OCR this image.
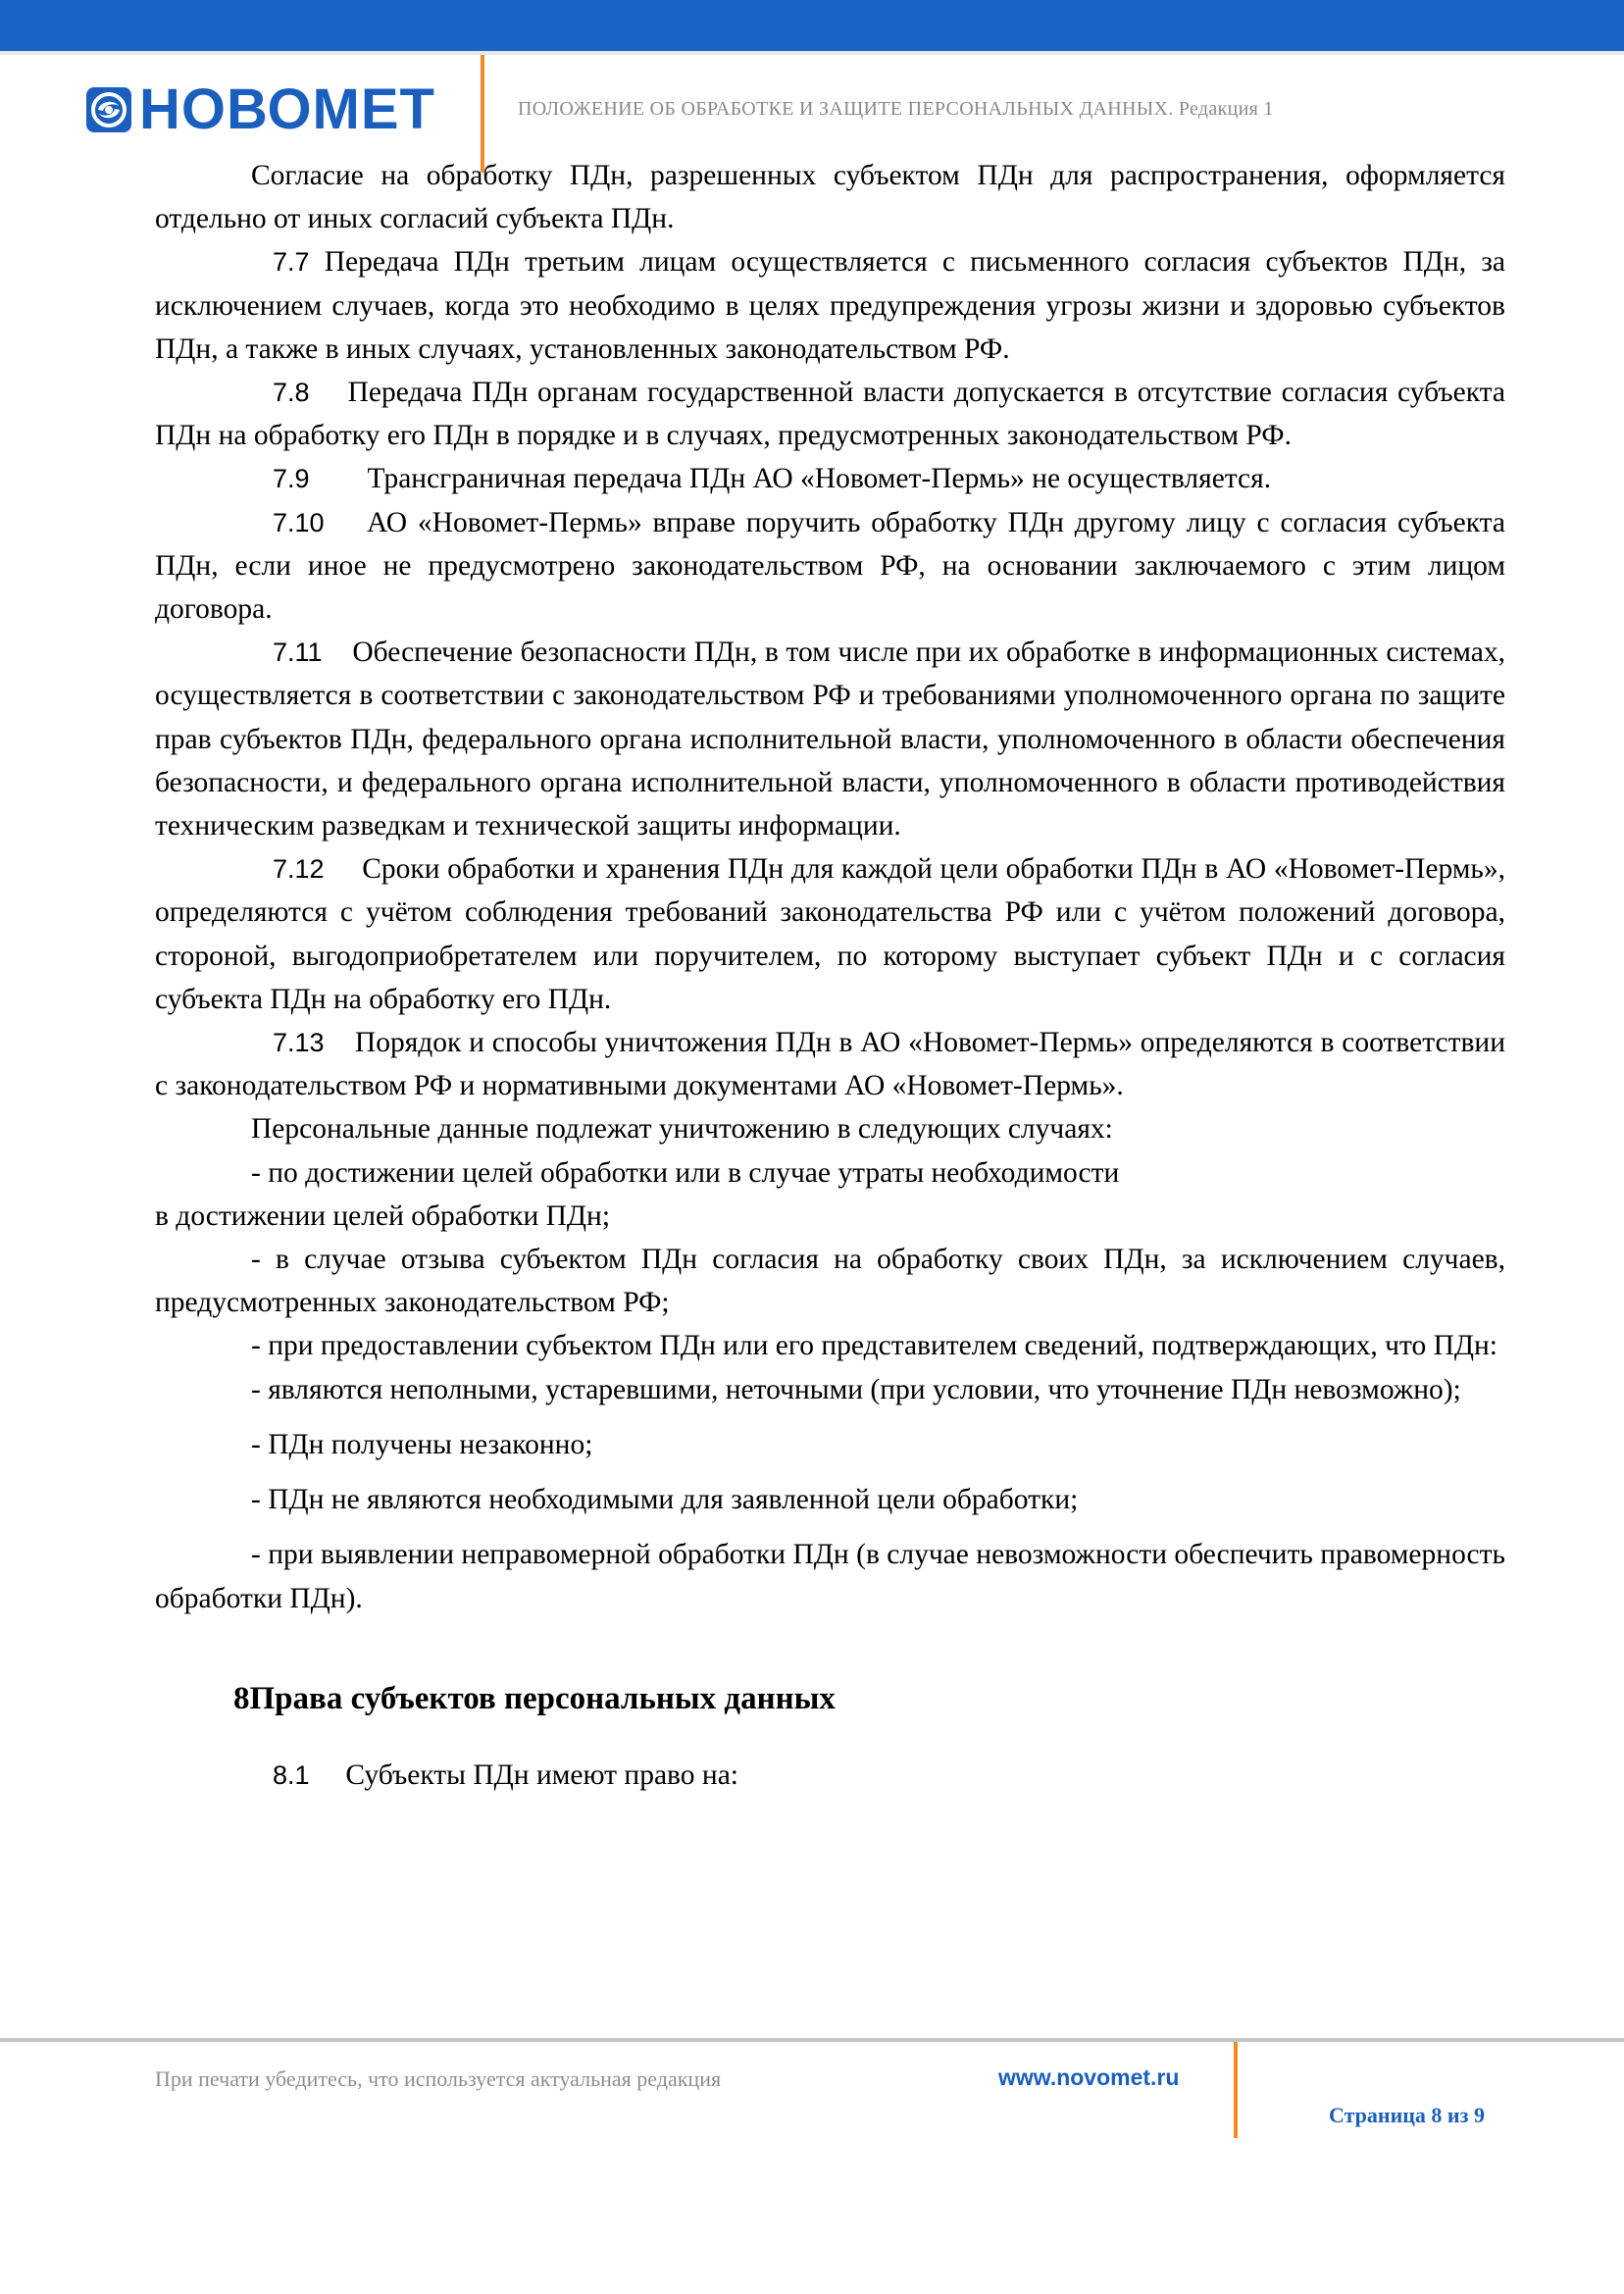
НОВОМЕТ	ПОЛОЖЕНИЕ ОБ ОБРАБОТКЕ И ЗАЩИТЕ ПЕРСОНАЛЬНЫХ ДАННЫХ. Редакция 1

Согласие на обработку ПДн, разрешенных субъектом ПДн для распространения, оформляется отдельно от иных согласий субъекта ПДн.

7.7 Передача ПДн третьим лицам осуществляется с письменного согласия субъектов ПДн, за исключением случаев, когда это необходимо в целях предупреждения угрозы жизни и здоровью субъектов ПДн, а также в иных случаях, установленных законодательством РФ.

7.8 Передача ПДн органам государственной власти допускается в отсутствие согласия субъекта ПДн на обработку его ПДн в порядке и в случаях, предусмотренных законодательством РФ.

7.9 Трансграничная передача ПДн АО «Новомет-Пермь» не осуществляется.

7.10 АО «Новомет-Пермь» вправе поручить обработку ПДн другому лицу с согласия субъекта ПДн, если иное не предусмотрено законодательством РФ, на основании заключаемого с этим лицом договора.

7.11 Обеспечение безопасности ПДн, в том числе при их обработке в информационных системах, осуществляется в соответствии с законодательством РФ и требованиями уполномоченного органа по защите прав субъектов ПДн, федерального органа исполнительной власти, уполномоченного в области обеспечения безопасности, и федерального органа исполнительной власти, уполномоченного в области противодействия техническим разведкам и технической защиты информации.

7.12 Сроки обработки и хранения ПДн для каждой цели обработки ПДн в АО «Новомет-Пермь», определяются с учётом соблюдения требований законодательства РФ или с учётом положений договора, стороной, выгодоприобретателем или поручителем, по которому выступает субъект ПДн и с согласия субъекта ПДн на обработку его ПДн.

7.13 Порядок и способы уничтожения ПДн в АО «Новомет-Пермь» определяются в соответствии с законодательством РФ и нормативными документами АО «Новомет-Пермь».

Персональные данные подлежат уничтожению в следующих случаях:

- по достижении целей обработки или в случае утраты необходимости

в достижении целей обработки ПДн;

- в случае отзыва субъектом ПДн согласия на обработку своих ПДн, за исключением случаев, предусмотренных законодательством РФ;

- при предоставлении субъектом ПДн или его представителем сведений, подтверждающих, что ПДн:

- являются неполными, устаревшими, неточными (при условии, что уточнение ПДн невозможно);

- ПДн получены незаконно;

- ПДн не являются необходимыми для заявленной цели обработки;

- при выявлении неправомерной обработки ПДн (в случае невозможности обеспечить правомерность обработки ПДн).

8Права субъектов персональных данных

8.1 Субъекты ПДн имеют право на:

При печати убедитесь, что используется актуальная редакция	www.novomet.ru
Страница 8 из 9
